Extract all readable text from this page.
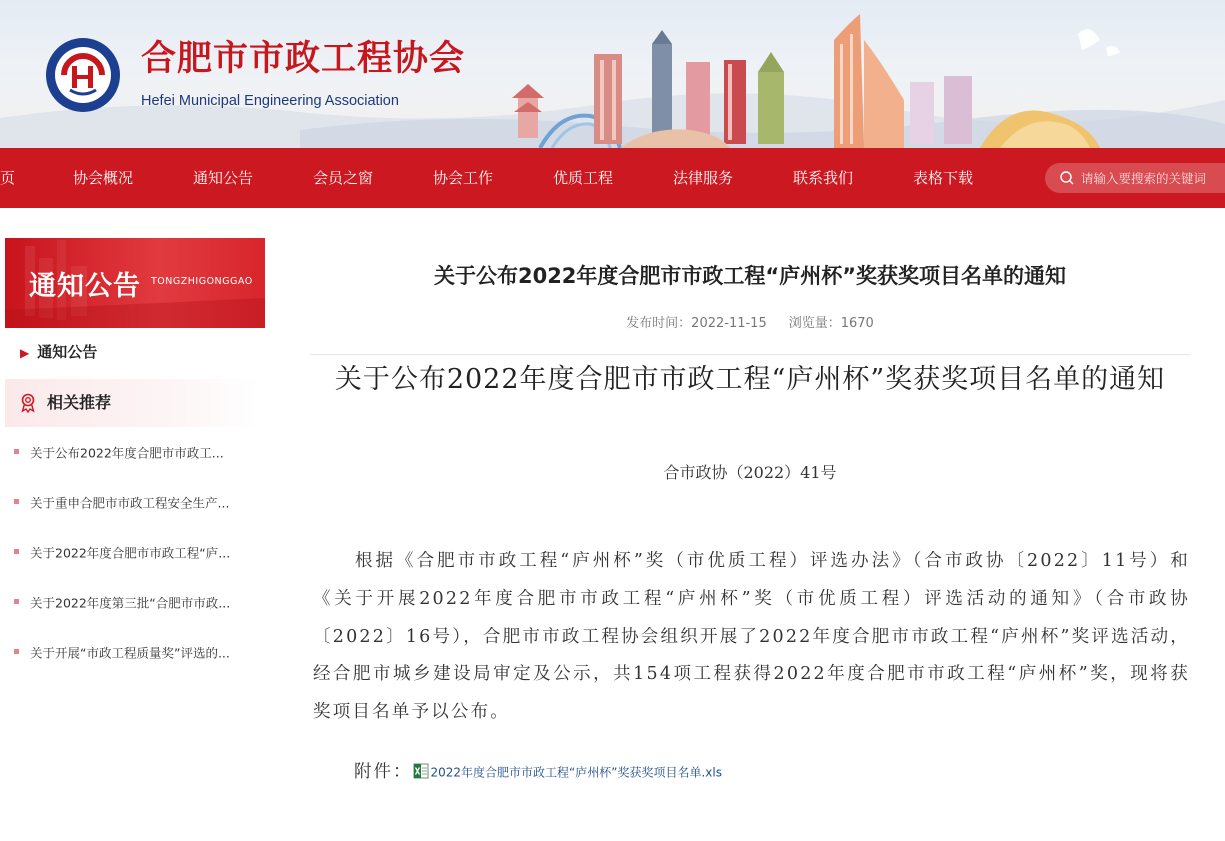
合肥市市政工程协会
Hefei Municipal Engineering Association
页	协会概况	通知公告	会员之窗	协会工作	优质工程	法律服务	联系我们	表格下载
请输入要搜索的关键词
通知公告 TONGZHIGONGGAO
▶ 通知公告
相关推荐
关于公布2022年度合肥市市政工...
关于重申合肥市市政工程安全生产...
关于2022年度合肥市市政工程“庐...
关于2022年度第三批“合肥市市政...
关于开展“市政工程质量奖”评选的...
关于公布2022年度合肥市市政工程“庐州杯”奖获奖项目名单的通知
发布时间：2022-11-15 浏览量：1670
关于公布2022年度合肥市市政工程“庐州杯”奖获奖项目名单的通知
合市政协（2022）41号

根据《合肥市市政工程“庐州杯”奖（市优质工程）评选办法》（合市政协〔2022〕11号）和《关于开展2022年度合肥市市政工程“庐州杯”奖（市优质工程）评选活动的通知》（合市政协〔2022〕16号），合肥市市政工程协会组织开展了2022年度合肥市市政工程“庐州杯”奖评选活动，经合肥市城乡建设局审定及公示，共154项工程获得2022年度合肥市市政工程“庐州杯”奖，现将获奖项目名单予以公布。

附件： 2022年度合肥市市政工程“庐州杯”奖获奖项目名单.xls
